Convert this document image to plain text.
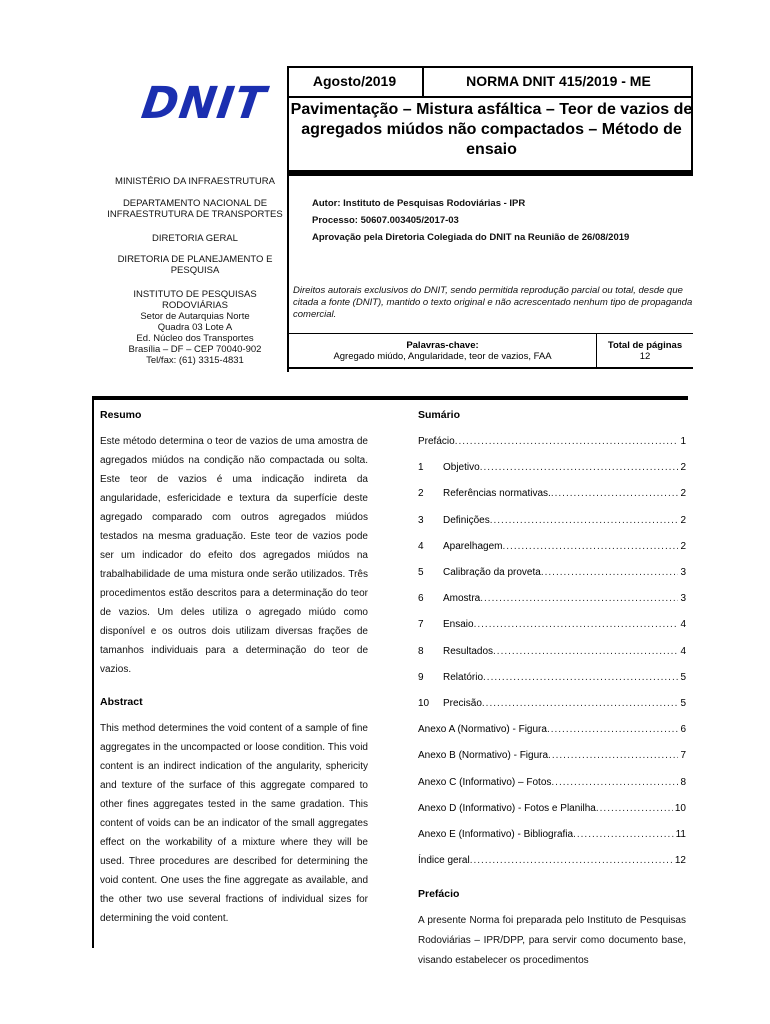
DNIT
MINISTÉRIO DA INFRAESTRUTURA
DEPARTAMENTO NACIONAL DE INFRAESTRUTURA DE TRANSPORTES
DIRETORIA GERAL
DIRETORIA DE PLANEJAMENTO E PESQUISA
INSTITUTO DE PESQUISAS RODOVIÁRIAS
Setor de Autarquias Norte
Quadra 03 Lote A
Ed. Núcleo dos Transportes
Brasília – DF – CEP 70040-902
Tel/fax: (61) 3315-4831
Agosto/2019	NORMA DNIT 415/2019 - ME
Pavimentação – Mistura asfáltica – Teor de vazios de agregados miúdos não compactados – Método de ensaio
Autor: Instituto de Pesquisas Rodoviárias - IPR
Processo: 50607.003405/2017-03
Aprovação pela Diretoria Colegiada do DNIT na Reunião de 26/08/2019
Direitos autorais exclusivos do DNIT, sendo permitida reprodução parcial ou total, desde que citada a fonte (DNIT), mantido o texto original e não acrescentado nenhum tipo de propaganda comercial.
Palavras-chave:
Agregado miúdo, Angularidade, teor de vazios, FAA
Total de páginas
12
Resumo
Este método determina o teor de vazios de uma amostra de agregados miúdos na condição não compactada ou solta. Este teor de vazios é uma indicação indireta da angularidade, esfericidade e textura da superfície deste agregado comparado com outros agregados miúdos testados na mesma graduação. Este teor de vazios pode ser um indicador do efeito dos agregados miúdos na trabalhabilidade de uma mistura onde serão utilizados. Três procedimentos estão descritos para a determinação do teor de vazios. Um deles utiliza o agregado miúdo como disponível e os outros dois utilizam diversas frações de tamanhos individuais para a determinação do teor de vazios.
Abstract
This method determines the void content of a sample of fine aggregates in the uncompacted or loose condition. This void content is an indirect indication of the angularity, sphericity and texture of the surface of this aggregate compared to other fines aggregates tested in the same gradation. This content of voids can be an indicator of the small aggregates effect on the workability of a mixture where they will be used. Three procedures are described for determining the void content. One uses the fine aggregate as available, and the other two use several fractions of individual sizes for determining the void content.
Sumário
Prefácio .....	1
1	Objetivo .....	2
2	Referências normativas. .....	2
3	Definições .....	2
4	Aparelhagem .....	2
5	Calibração da proveta .....	3
6	Amostra .....	3
7	Ensaio .....	4
8	Resultados .....	4
9	Relatório .....	5
10	Precisão .....	5
Anexo A (Normativo) - Figura .....	6
Anexo B (Normativo) - Figura .....	7
Anexo C (Informativo) – Fotos .....	8
Anexo D (Informativo) - Fotos e Planilha .....	10
Anexo E (Informativo) - Bibliografia .....	11
Índice geral .....	12
Prefácio
A presente Norma foi preparada pelo Instituto de Pesquisas Rodoviárias – IPR/DPP, para servir como documento base, visando estabelecer os procedimentos
